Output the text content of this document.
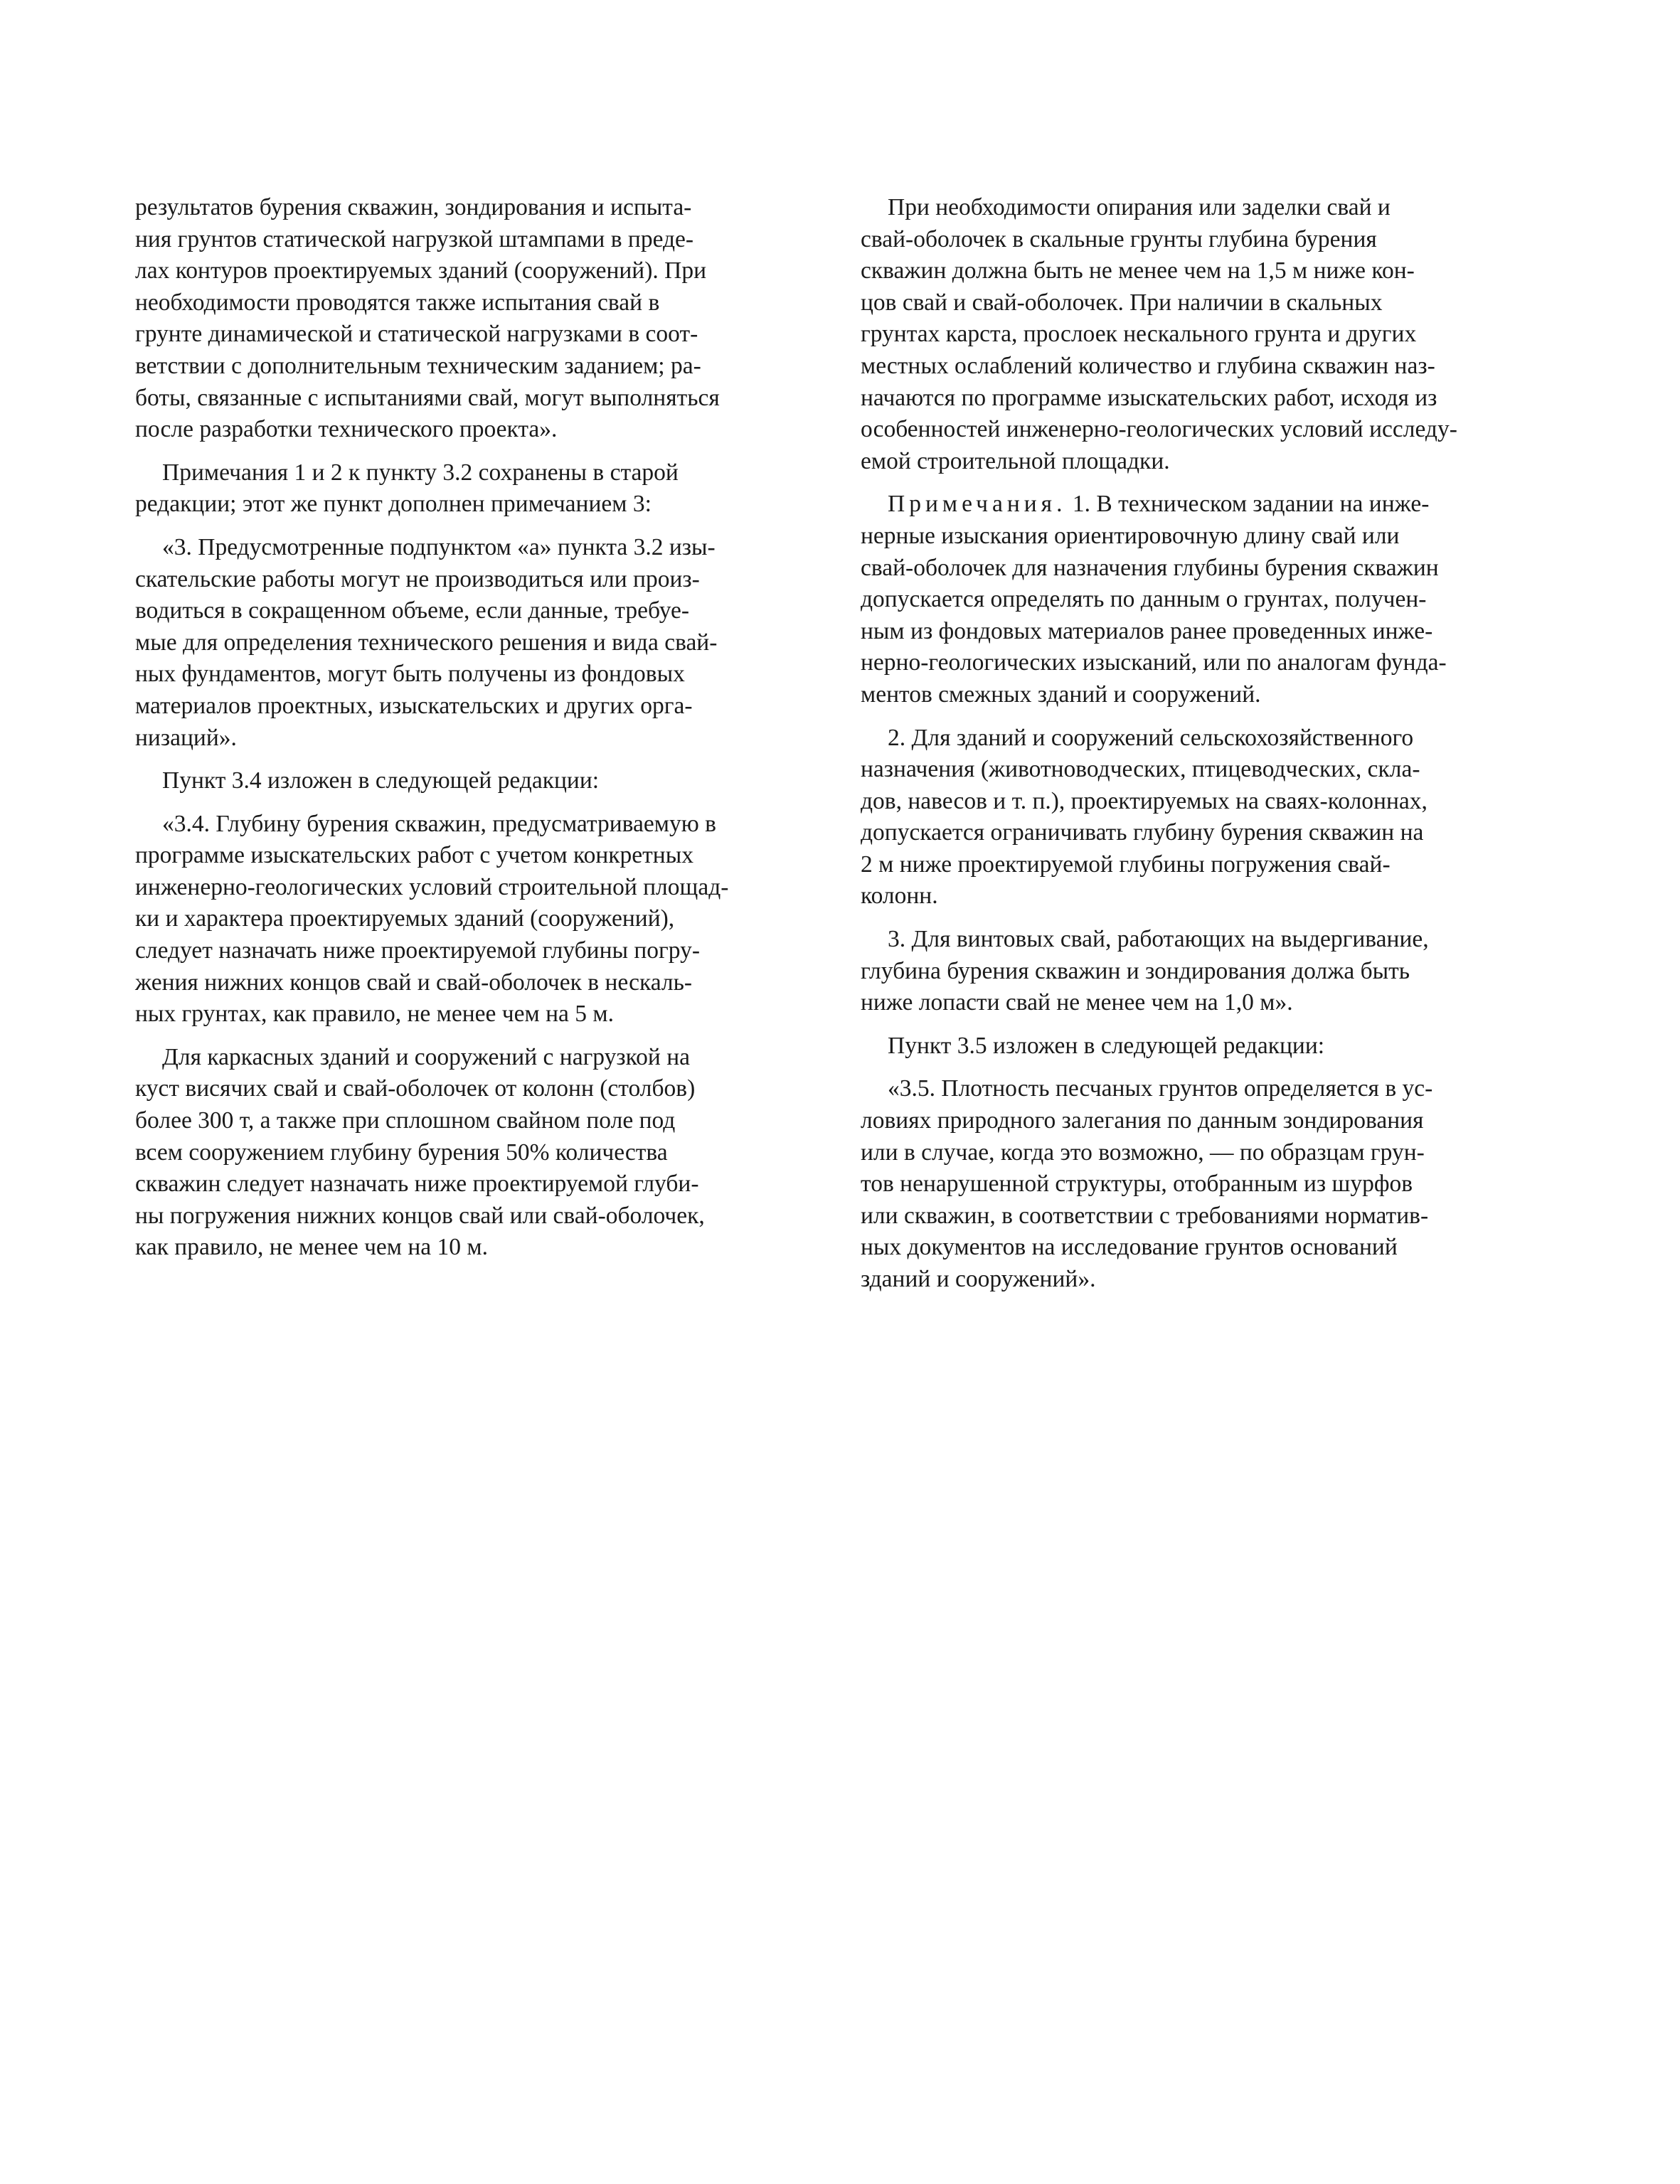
результатов бурения скважин, зондирования и испыта-
ния грунтов статической нагрузкой штампами в преде-
лах контуров проектируемых зданий (сооружений). При
необходимости проводятся также испытания свай в
грунте динамической и статической нагрузками в соот-
ветствии с дополнительным техническим заданием; ра-
боты, связанные с испытаниями свай, могут выполняться
после разработки технического проекта».

Примечания 1 и 2 к пункту 3.2 сохранены в старой
редакции; этот же пункт дополнен примечанием 3:

«3. Предусмотренные подпунктом «а» пункта 3.2 изы-
скательские работы могут не производиться или произ-
водиться в сокращенном объеме, если данные, требуе-
мые для определения технического решения и вида свай-
ных фундаментов, могут быть получены из фондовых
материалов проектных, изыскательских и других орга-
низаций».

Пункт 3.4 изложен в следующей редакции:

«3.4. Глубину бурения скважин, предусматриваемую в
программе изыскательских работ с учетом конкретных
инженерно-геологических условий строительной площад-
ки и характера проектируемых зданий (сооружений),
следует назначать ниже проектируемой глубины погру-
жения нижних концов свай и свай-оболочек в нескаль-
ных грунтах, как правило, не менее чем на 5 м.

Для каркасных зданий и сооружений с нагрузкой на
куст висячих свай и свай-оболочек от колонн (столбов)
более 300 т, а также при сплошном свайном поле под
всем сооружением глубину бурения 50% количества
скважин следует назначать ниже проектируемой глуби-
ны погружения нижних концов свай или свай-оболочек,
как правило, не менее чем на 10 м.

При необходимости опирания или заделки свай и
свай-оболочек в скальные грунты глубина бурения
скважин должна быть не менее чем на 1,5 м ниже кон-
цов свай и свай-оболочек. При наличии в скальных
грунтах карста, прослоек нескального грунта и других
местных ослаблений количество и глубина скважин наз-
начаются по программе изыскательских работ, исходя из
особенностей инженерно-геологических условий исследу-
емой строительной площадки.

Примечания. 1. В техническом задании на инже-
нерные изыскания ориентировочную длину свай или
свай-оболочек для назначения глубины бурения скважин
допускается определять по данным о грунтах, получен-
ным из фондовых материалов ранее проведенных инже-
нерно-геологических изысканий, или по аналогам фунда-
ментов смежных зданий и сооружений.

2. Для зданий и сооружений сельскохозяйственного
назначения (животноводческих, птицеводческих, скла-
дов, навесов и т. п.), проектируемых на сваях-колоннах,
допускается ограничивать глубину бурения скважин на
2 м ниже проектируемой глубины погружения свай-
колонн.

3. Для винтовых свай, работающих на выдергивание,
глубина бурения скважин и зондирования должа быть
ниже лопасти свай не менее чем на 1,0 м».

Пункт 3.5 изложен в следующей редакции:

«3.5. Плотность песчаных грунтов определяется в ус-
ловиях природного залегания по данным зондирования
или в случае, когда это возможно, — по образцам грун-
тов ненарушенной структуры, отобранным из шурфов
или скважин, в соответствии с требованиями норматив-
ных документов на исследование грунтов оснований
зданий и сооружений».
